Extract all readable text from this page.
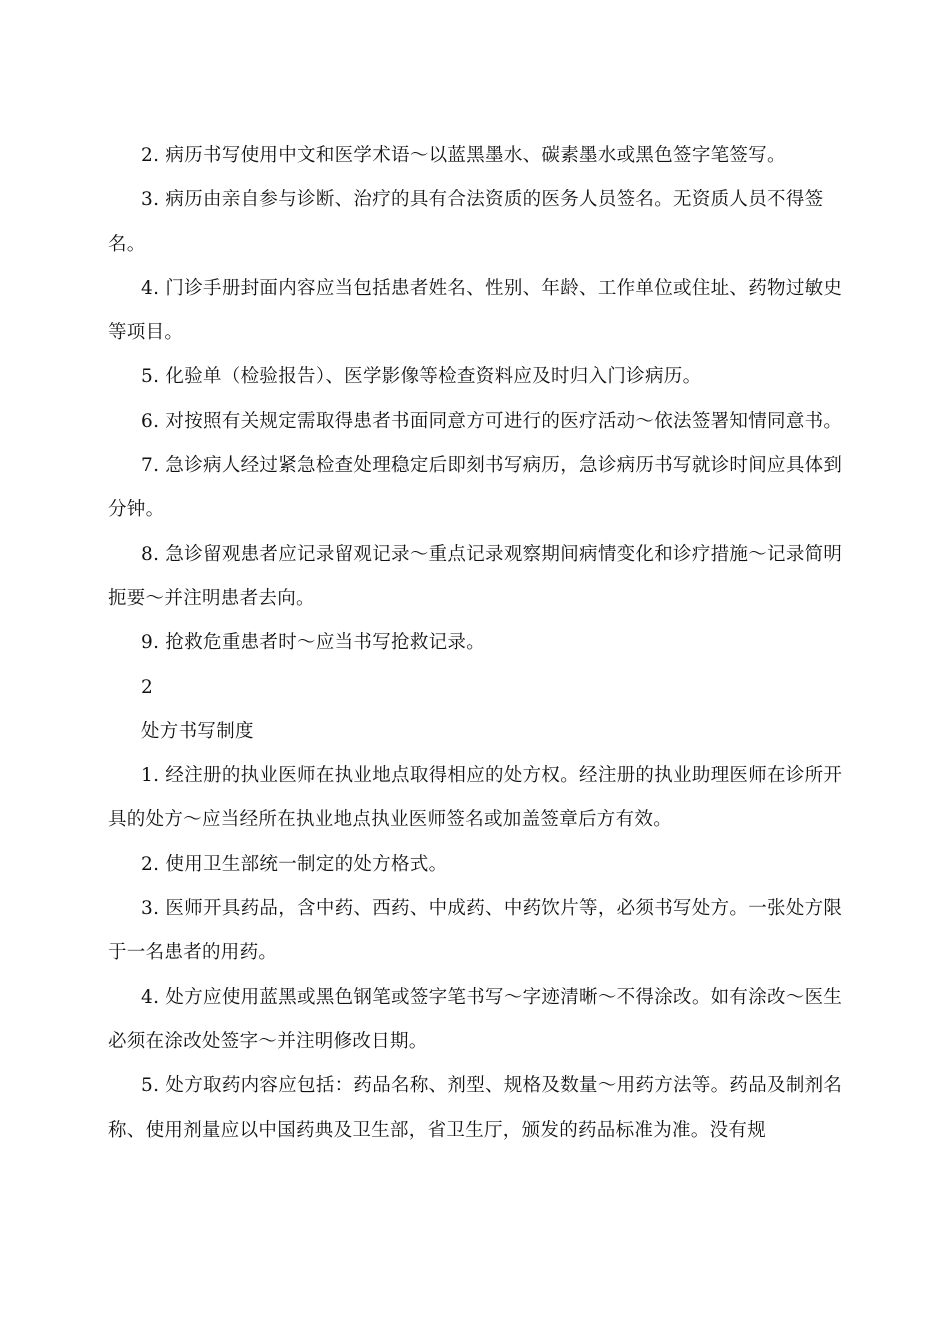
2. 病历书写使用中文和医学术语～以蓝黑墨水、碳素墨水或黑色签字笔签写。

3. 病历由亲自参与诊断、治疗的具有合法资质的医务人员签名。无资质人员不得签名。

4. 门诊手册封面内容应当包括患者姓名、性别、年龄、工作单位或住址、药物过敏史等项目。

5. 化验单（检验报告）、医学影像等检查资料应及时归入门诊病历。

6. 对按照有关规定需取得患者书面同意方可进行的医疗活动～依法签署知情同意书。

7. 急诊病人经过紧急检查处理稳定后即刻书写病历，急诊病历书写就诊时间应具体到分钟。

8. 急诊留观患者应记录留观记录～重点记录观察期间病情变化和诊疗措施～记录简明扼要～并注明患者去向。

9. 抢救危重患者时～应当书写抢救记录。

2

处方书写制度

1. 经注册的执业医师在执业地点取得相应的处方权。经注册的执业助理医师在诊所开具的处方～应当经所在执业地点执业医师签名或加盖签章后方有效。

2. 使用卫生部统一制定的处方格式。

3. 医师开具药品，含中药、西药、中成药、中药饮片等，必须书写处方。一张处方限于一名患者的用药。

4. 处方应使用蓝黑或黑色钢笔或签字笔书写～字迹清晰～不得涂改。如有涂改～医生必须在涂改处签字～并注明修改日期。

5. 处方取药内容应包括：药品名称、剂型、规格及数量～用药方法等。药品及制剂名称、使用剂量应以中国药典及卫生部，省卫生厅，颁发的药品标准为准。没有规
